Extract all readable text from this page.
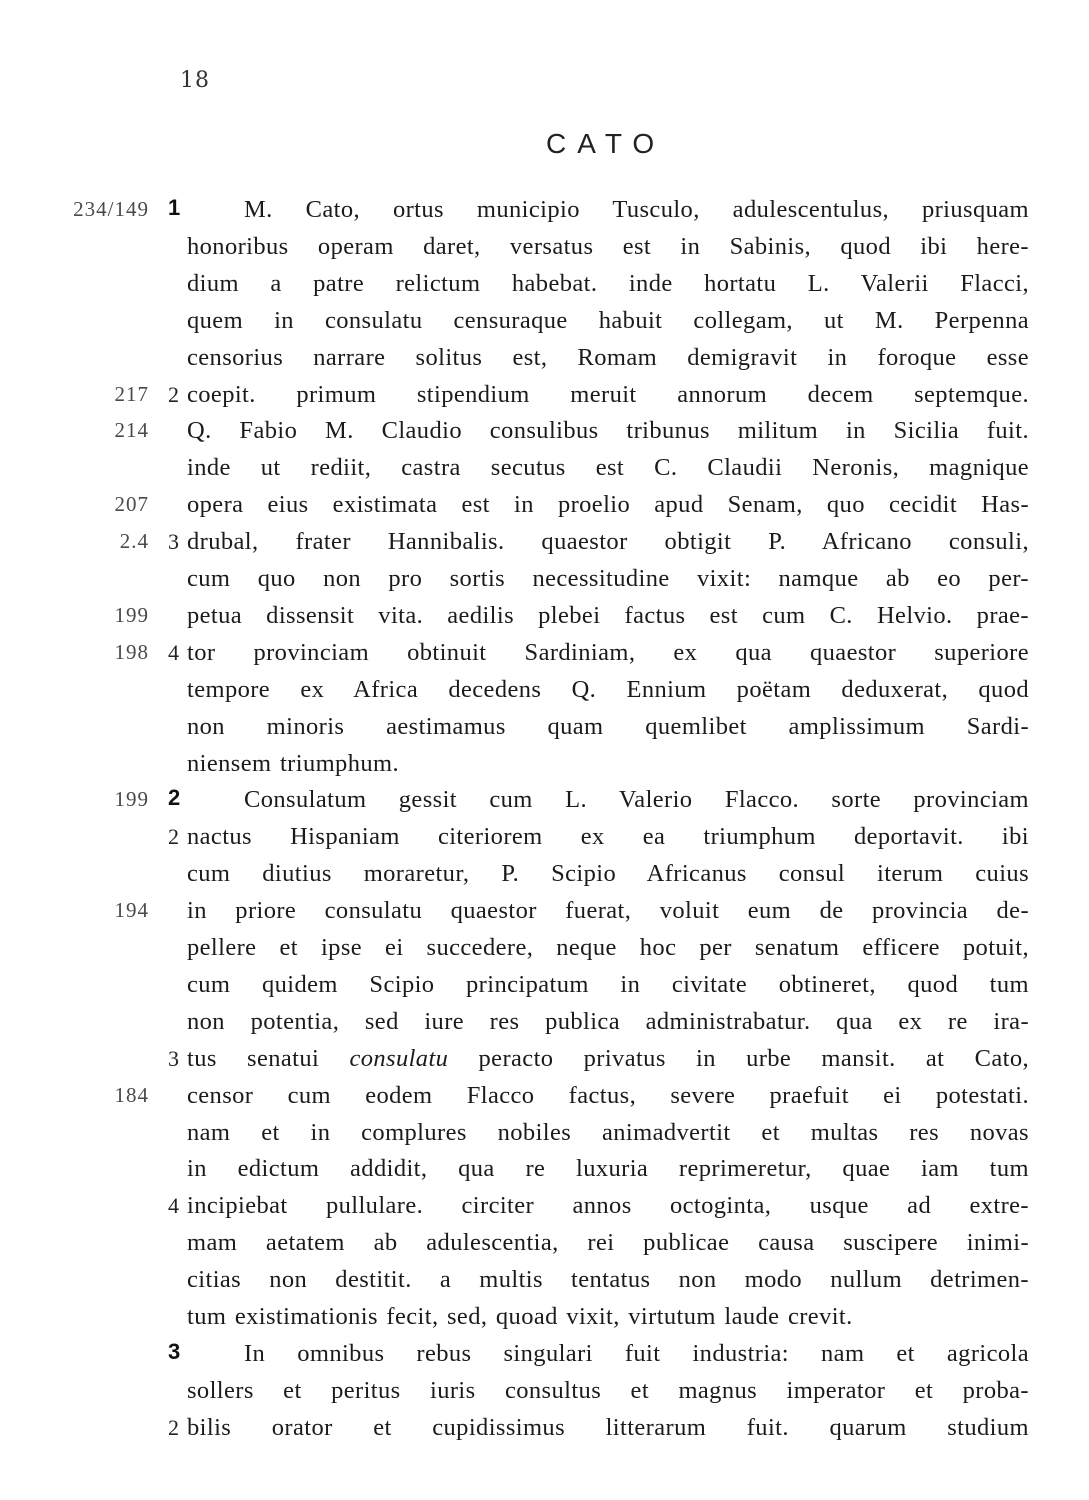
18
CATO
234/149 1	M. Cato, ortus municipio Tusculo, adulescentulus, priusquam
honoribus operam daret, versatus est in Sabinis, quod ibi here-
dium a patre relictum habebat. inde hortatu L. Valerii Flacci,
quem in consulatu censuraque habuit collegam, ut M. Perpenna
censorius narrare solitus est, Romam demigravit in foroque esse
217 2 coepit. primum stipendium meruit annorum decem septemque.
214 Q. Fabio M. Claudio consulibus tribunus militum in Sicilia fuit.
inde ut rediit, castra secutus est C. Claudii Neronis, magnique
207 opera eius existimata est in proelio apud Senam, quo cecidit Has-
2.4 3 drubal, frater Hannibalis. quaestor obtigit P. Africano consuli,
cum quo non pro sortis necessitudine vixit: namque ab eo per-
199 petua dissensit vita. aedilis plebei factus est cum C. Helvio. prae-
198 4 tor provinciam obtinuit Sardiniam, ex qua quaestor superiore
tempore ex Africa decedens Q. Ennium poëtam deduxerat, quod
non minoris aestimamus quam quemlibet amplissimum Sardi-
niensem triumphum.
199 2	Consulatum gessit cum L. Valerio Flacco. sorte provinciam
2 nactus Hispaniam citeriorem ex ea triumphum deportavit. ibi
cum diutius moraretur, P. Scipio Africanus consul iterum cuius
194 in priore consulatu quaestor fuerat, voluit eum de provincia de-
pellere et ipse ei succedere, neque hoc per senatum efficere potuit,
cum quidem Scipio principatum in civitate obtineret, quod tum
non potentia, sed iure res publica administrabatur. qua ex re ira-
3 tus senatui consulatu peracto privatus in urbe mansit. at Cato,
184 censor cum eodem Flacco factus, severe praefuit ei potestati.
nam et in complures nobiles animadvertit et multas res novas
in edictum addidit, qua re luxuria reprimeretur, quae iam tum
4 incipiebat pullulare. circiter annos octoginta, usque ad extre-
mam aetatem ab adulescentia, rei publicae causa suscipere inimi-
citias non destitit. a multis tentatus non modo nullum detrimen-
tum existimationis fecit, sed, quoad vixit, virtutum laude crevit.
3	In omnibus rebus singulari fuit industria: nam et agricola
sollers et peritus iuris consultus et magnus imperator et proba-
2 bilis orator et cupidissimus litterarum fuit. quarum studium
